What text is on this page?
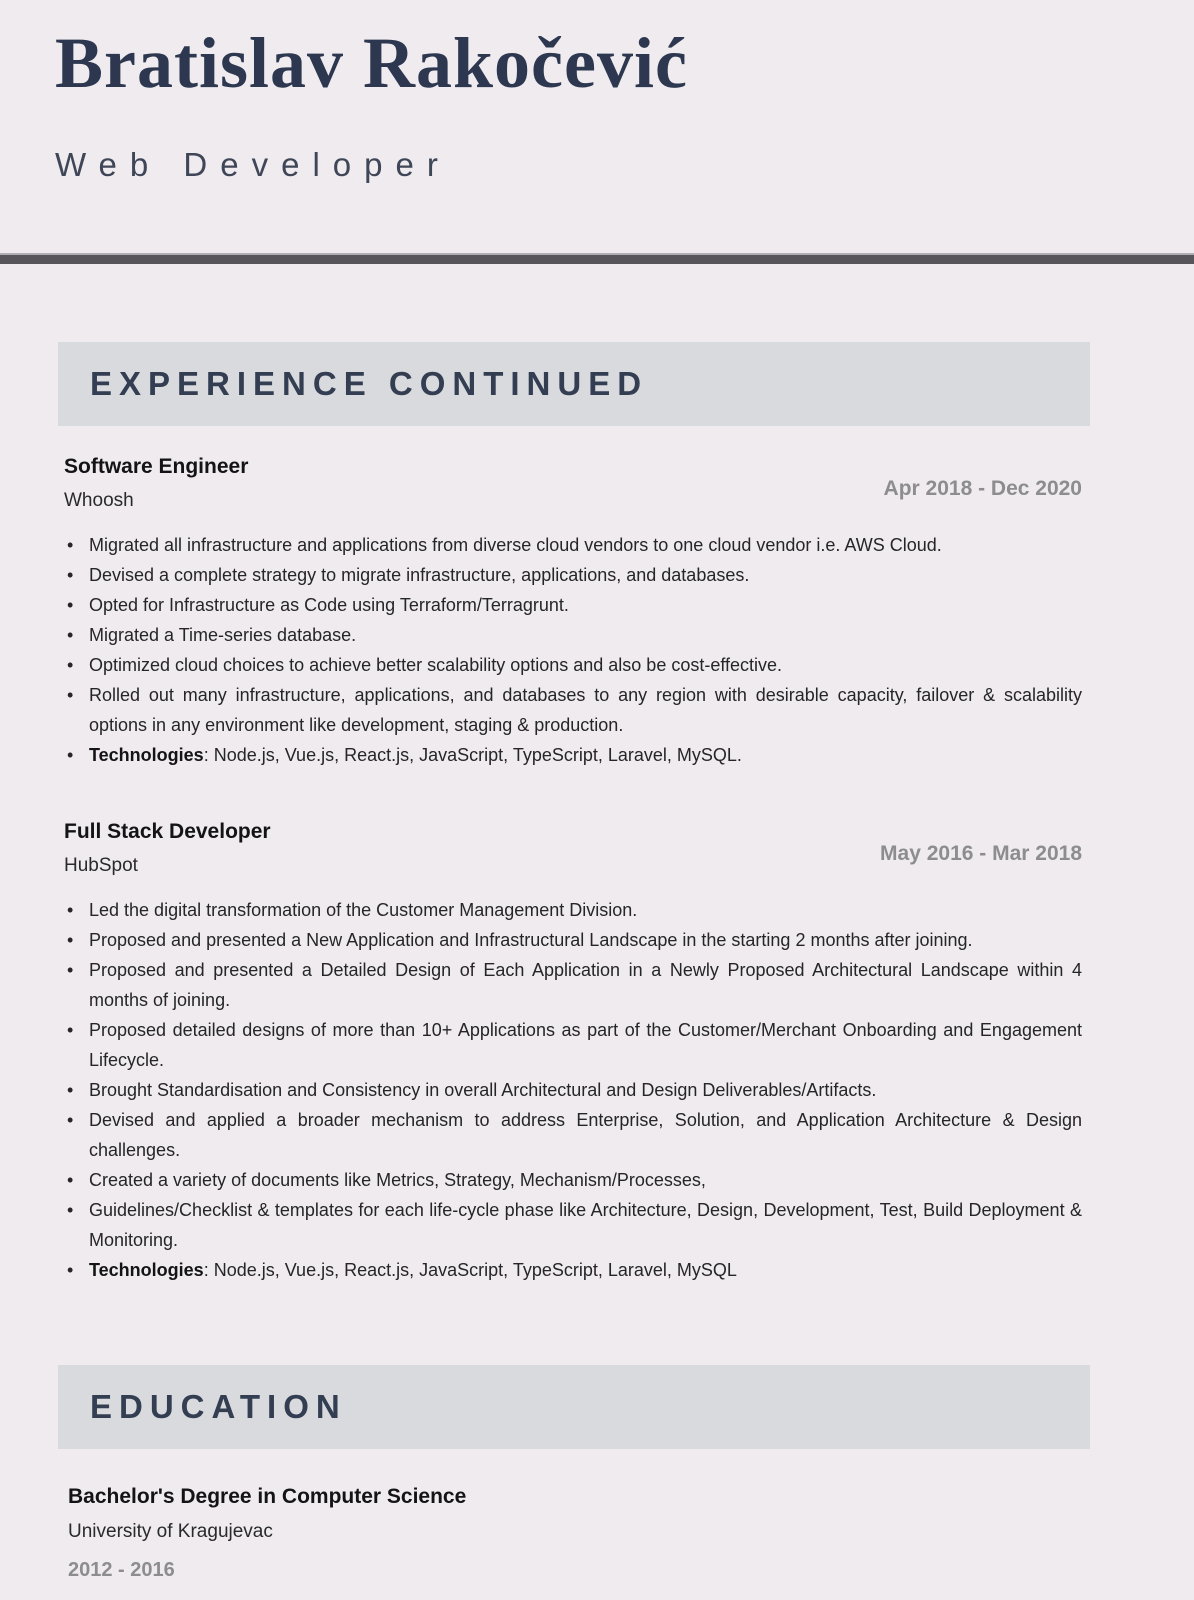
Bratislav Rakočević
Web Developer
EXPERIENCE CONTINUED
Software Engineer
Whoosh
Apr 2018 - Dec 2020
• Migrated all infrastructure and applications from diverse cloud vendors to one cloud vendor i.e. AWS Cloud.
• Devised a complete strategy to migrate infrastructure, applications, and databases.
• Opted for Infrastructure as Code using Terraform/Terragrunt.
• Migrated a Time-series database.
• Optimized cloud choices to achieve better scalability options and also be cost-effective.
• Rolled out many infrastructure, applications, and databases to any region with desirable capacity, failover & scalability options in any environment like development, staging & production.
• Technologies: Node.js, Vue.js, React.js, JavaScript, TypeScript, Laravel, MySQL.
Full Stack Developer
HubSpot
May 2016 - Mar 2018
• Led the digital transformation of the Customer Management Division.
• Proposed and presented a New Application and Infrastructural Landscape in the starting 2 months after joining.
• Proposed and presented a Detailed Design of Each Application in a Newly Proposed Architectural Landscape within 4 months of joining.
• Proposed detailed designs of more than 10+ Applications as part of the Customer/Merchant Onboarding and Engagement Lifecycle.
• Brought Standardisation and Consistency in overall Architectural and Design Deliverables/Artifacts.
• Devised and applied a broader mechanism to address Enterprise, Solution, and Application Architecture & Design challenges.
• Created a variety of documents like Metrics, Strategy, Mechanism/Processes,
• Guidelines/Checklist & templates for each life-cycle phase like Architecture, Design, Development, Test, Build Deployment & Monitoring.
• Technologies: Node.js, Vue.js, React.js, JavaScript, TypeScript, Laravel, MySQL
EDUCATION
Bachelor's Degree in Computer Science
University of Kragujevac
2012 - 2016
